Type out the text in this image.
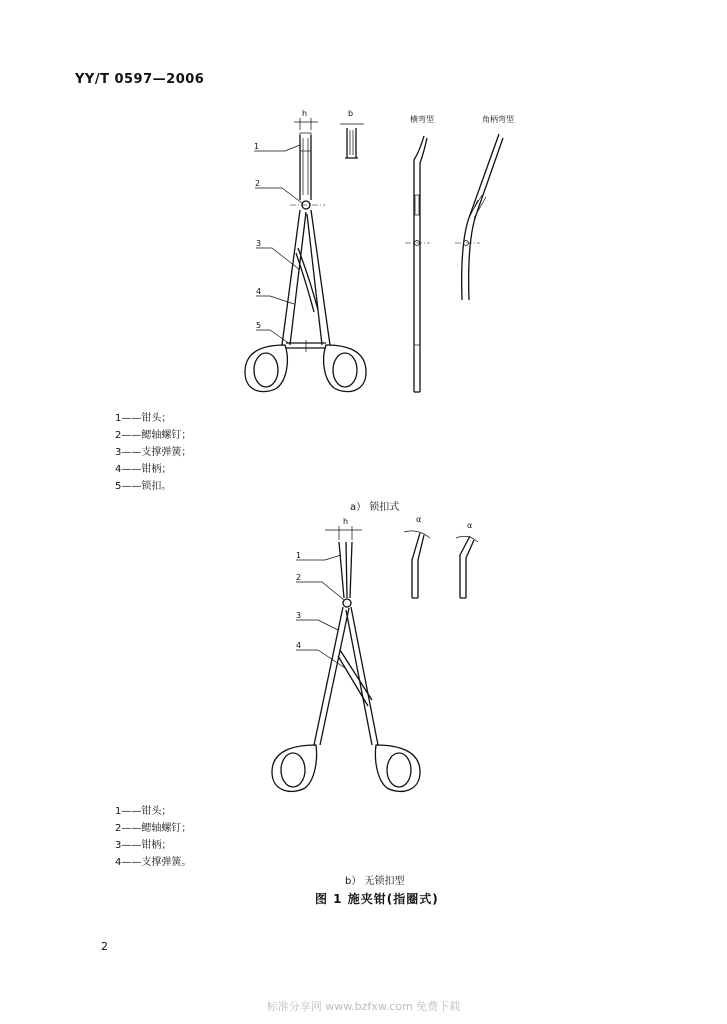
YY/T 0597—2006
h	b
1
2
3
4
5
横弯型	角柄弯型
h
1
2
3
4
α
α
1——钳头；
2——鳃轴螺钉；
3——支撑弹簧；
4——钳柄；
5——锁扣。
a） 锁扣式
1——钳头；
2——鳃轴螺钉；
3——钳柄；
4——支撑弹簧。
b） 无锁扣型
图 1 施夹钳(指圈式)
2
标准分享网 www.bzfxw.com 免费下载
